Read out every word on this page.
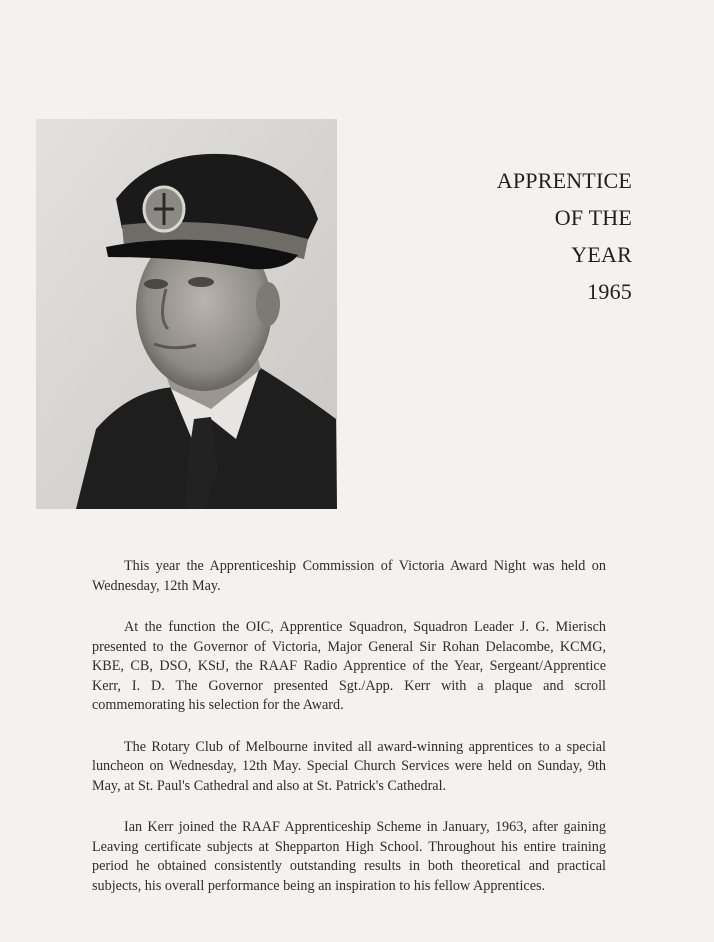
APPRENTICE
OF THE
YEAR
1965

This year the Apprenticeship Commission of Victoria Award Night was held on Wednesday, 12th May.

At the function the OIC, Apprentice Squadron, Squadron Leader J. G. Mierisch presented to the Governor of Victoria, Major General Sir Rohan Delacombe, KCMG, KBE, CB, DSO, KStJ, the RAAF Radio Apprentice of the Year, Sergeant/Apprentice Kerr, I. D. The Governor presented Sgt./App. Kerr with a plaque and scroll commemorating his selection for the Award.

The Rotary Club of Melbourne invited all award-winning apprentices to a special luncheon on Wednesday, 12th May. Special Church Services were held on Sunday, 9th May, at St. Paul's Cathedral and also at St. Patrick's Cathedral.

Ian Kerr joined the RAAF Apprenticeship Scheme in January, 1963, after gaining Leaving certificate subjects at Shepparton High School. Throughout his entire training period he obtained consistently outstanding results in both theoretical and practical subjects, his overall performance being an inspiration to his fellow Apprentices.
